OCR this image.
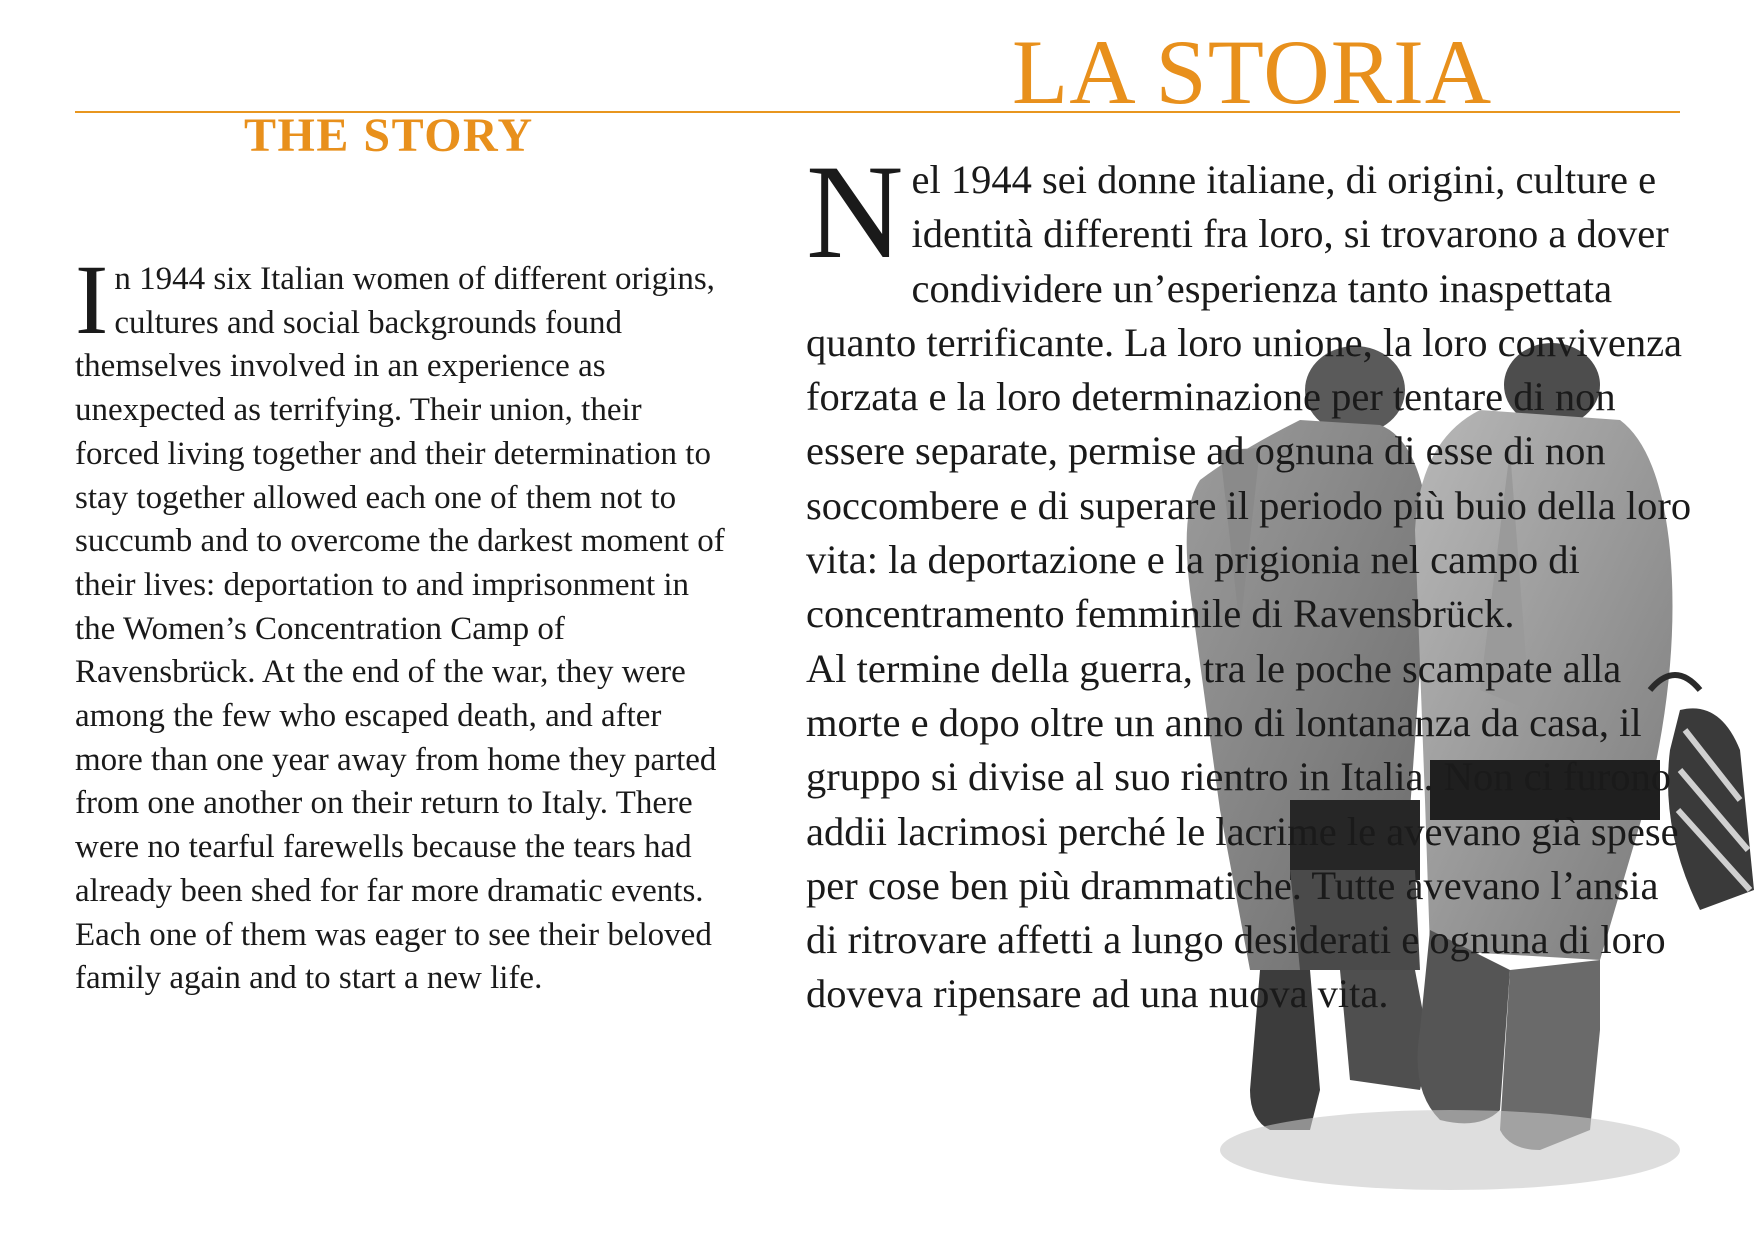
LA STORIA
THE STORY
I n 1944 six Italian women of different origins, cultures and social backgrounds found themselves involved in an experience as unexpected as terrifying. Their union, their forced living together and their determination to stay together allowed each one of them not to succumb and to overcome the darkest moment of their lives: deportation to and imprisonment in the Women’s Concentration Camp of Ravensbrück. At the end of the war, they were among the few who escaped death, and after more than one year away from home they parted from one another on their return to Italy. There were no tearful farewells because the tears had already been shed for far more dramatic events. Each one of them was eager to see their beloved family again and to start a new life.

N el 1944 sei donne italiane, di origini, culture e identità differenti fra loro, si trovarono a dover condividere un’esperienza tanto inaspettata quanto terrificante. La loro unione, la loro convivenza forzata e la loro determinazione per tentare di non essere separate, permise ad ognuna di esse di non soccombere e di superare il periodo più buio della loro vita: la deportazione e la prigionia nel campo di concentramento femminile di Ravensbrück.

Al termine della guerra, tra le poche scampate alla morte e dopo oltre un anno di lontananza da casa, il gruppo si divise al suo rientro in Italia. Non ci furono addii lacrimosi perché le lacrime le avevano già spese per cose ben più drammatiche. Tutte avevano l’ansia di ritrovare affetti a lungo desiderati e ognuna di loro doveva ripensare ad una nuova vita.
